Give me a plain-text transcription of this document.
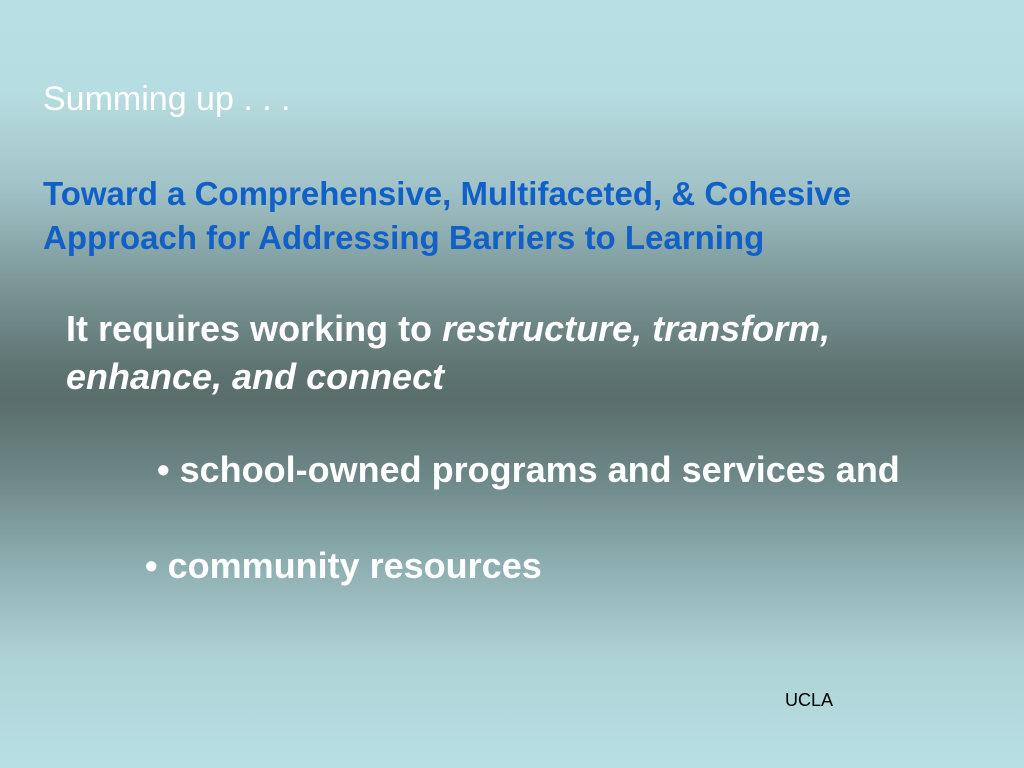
Summing up . . .
Toward a Comprehensive, Multifaceted, & Cohesive
Approach for Addressing Barriers to Learning
It requires working to restructure, transform,
enhance, and connect
• school-owned programs and services and
• community resources
UCLA
